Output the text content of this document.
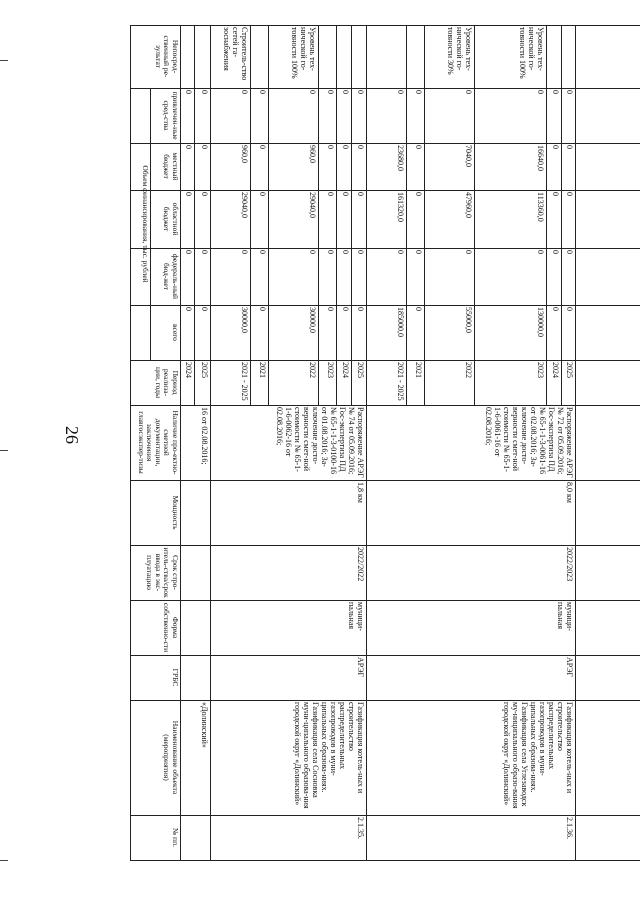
26
№ пп.
Наименование объекта (мероприятия)
ГРБС
Форма собственно-сти
Срок стро-итель-ства/срок ввода в экс-плуатацию
Мощность
Наличие про-ектно-сметной документации, заключения главгосэкспер-тизы
Период реализа-ции, годы
Объем финансирования, тыс. рублей
всего
федераль-ный бюд-жет
областной бюджет
местный бюджет
привлечен-ные сред-ства
Непосред-ственный ре-зультат
«Долинский»
16 от 02.08.2016;
2024
0
0
0
0
0
2025
0
0
0
0
0
2.1.35.
Газификация котель-ных и строительство распределительных газопроводов в муни-ципальных образова-ниях. Газификация села Сосновка муни-ципального образова-ния городской округ «Долинский»
АРЭГ
муници-пальная
2022/2022
1,8 км
Распоряжение АРЭГ № 74 от 05.09.2016; Гос-экспертиза ПД № 65-1-1-3-0100-16 от 01.08.2016; За-ключение досто-верности смет-ной стоимости № 65-1-1-6-0062-16 от 02.08.2016;
2021 - 2025
30000,0
0
29040,0
960,0
0
Строитель-ство сетей га-зоснабжения
2021
0
0
0
0
0
2022
30000,0
0
29040,0
960,0
0
Уровень тех-нической го-товности 100%
2023
0
0
0
0
0
2024
0
0
0
0
0
2025
0
0
0
0
0
2.1.36.
Газификация котель-ных и строительство распределительных газопроводов в муни-ципальных образова-ниях. Газификация села Углезаводск му-ниципального образо-вания городской округ «Долинский»
АРЭГ
муници-пальная
2022/2023
8,0 км
Распоряжение АРЭГ № 72 от 05.09.2016; Гос-экспертиза ПД № 65-1-1-3-0061-16 от 02.08.2016; За-ключение досто-верности смет-ной стоимости № 65-1-1-6-0061-16 от 02.08.2016;
2021 - 2025
185000,0
0
161320,0
23680,0
0
2021
0
0
0
0
0
2022
55000,0
0
47960,0
7040,0
0
Уровень тех-нической го-товности 30%
2023
130000,0
0
113360,0
16640,0
0
Уровень тех-нической го-товности 100%
2024
0
0
0
0
0
2025
0
0
0
0
0
